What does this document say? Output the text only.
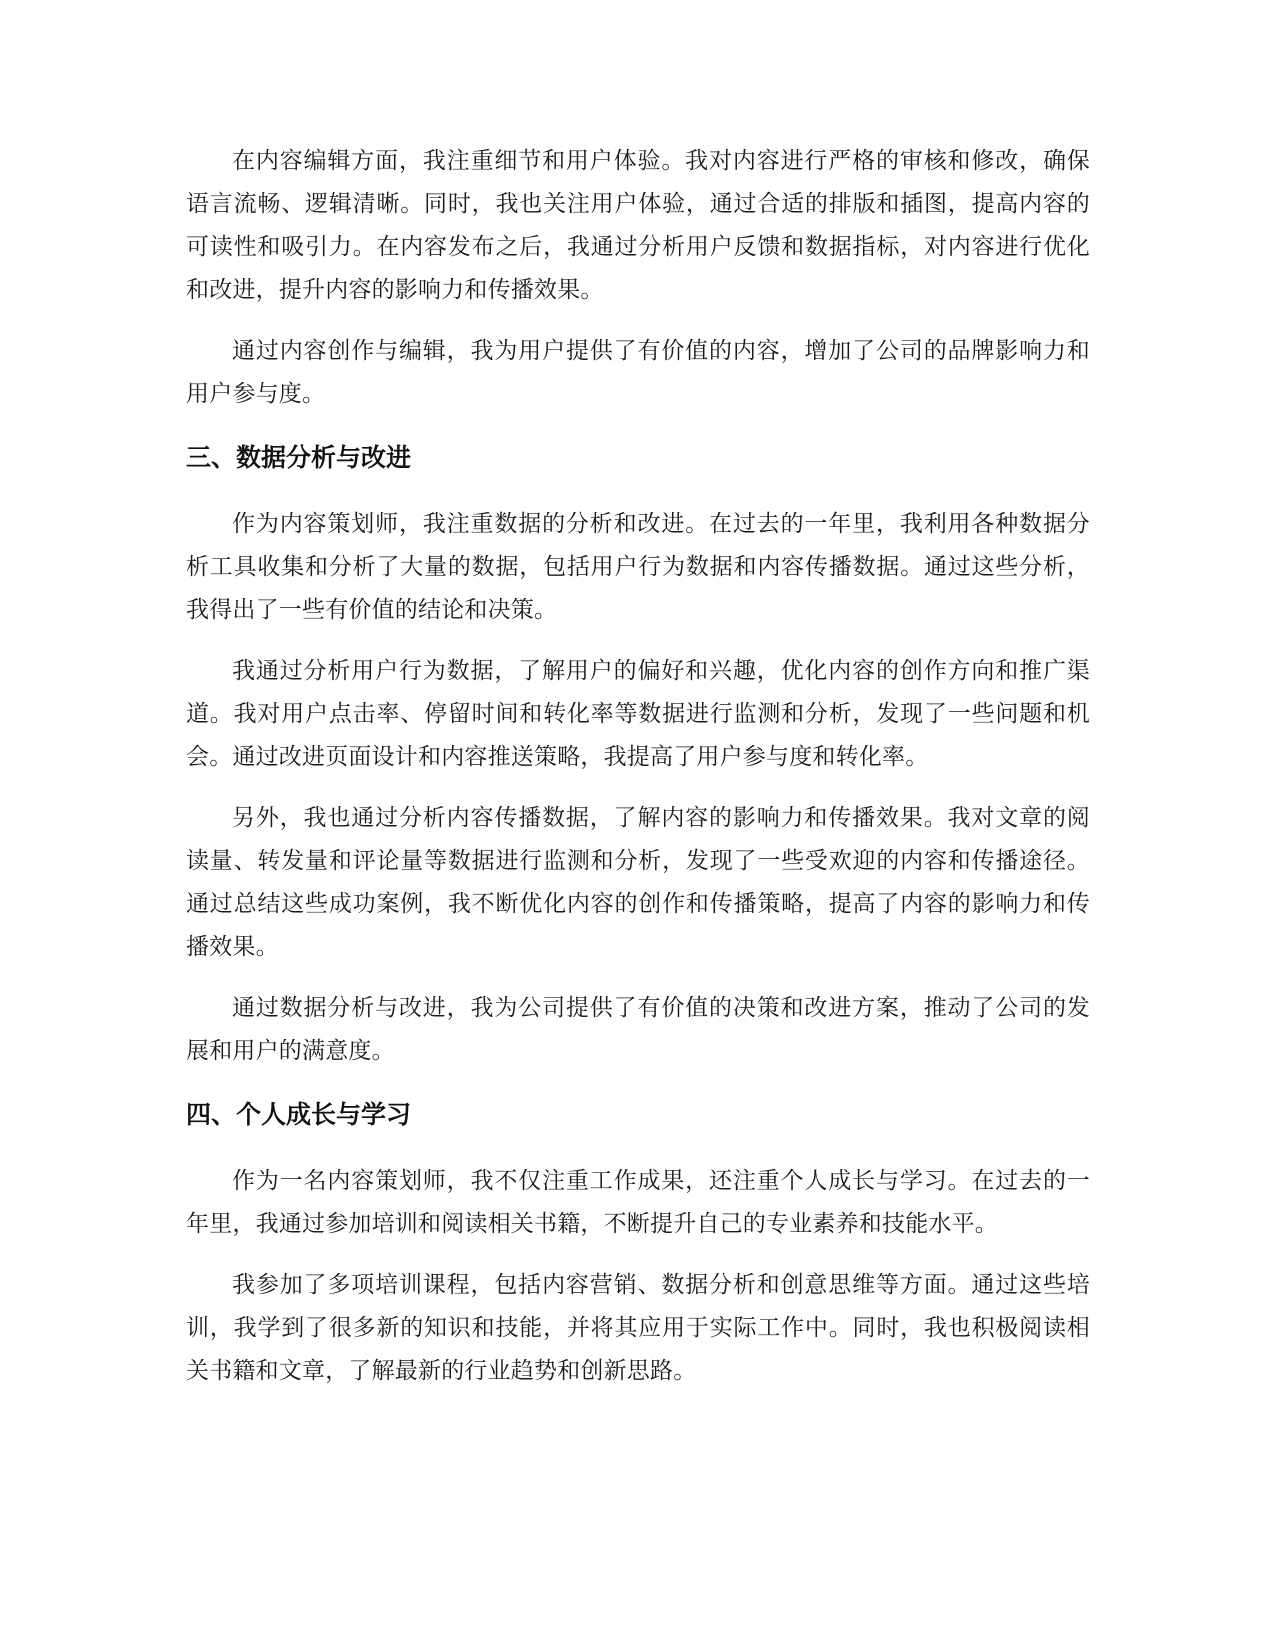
在内容编辑方面，我注重细节和用户体验。我对内容进行严格的审核和修改，确保语言流畅、逻辑清晰。同时，我也关注用户体验，通过合适的排版和插图，提高内容的可读性和吸引力。在内容发布之后，我通过分析用户反馈和数据指标，对内容进行优化和改进，提升内容的影响力和传播效果。

通过内容创作与编辑，我为用户提供了有价值的内容，增加了公司的品牌影响力和用户参与度。

三、数据分析与改进

作为内容策划师，我注重数据的分析和改进。在过去的一年里，我利用各种数据分析工具收集和分析了大量的数据，包括用户行为数据和内容传播数据。通过这些分析，我得出了一些有价值的结论和决策。

我通过分析用户行为数据，了解用户的偏好和兴趣，优化内容的创作方向和推广渠道。我对用户点击率、停留时间和转化率等数据进行监测和分析，发现了一些问题和机会。通过改进页面设计和内容推送策略，我提高了用户参与度和转化率。

另外，我也通过分析内容传播数据，了解内容的影响力和传播效果。我对文章的阅读量、转发量和评论量等数据进行监测和分析，发现了一些受欢迎的内容和传播途径。通过总结这些成功案例，我不断优化内容的创作和传播策略，提高了内容的影响力和传播效果。

通过数据分析与改进，我为公司提供了有价值的决策和改进方案，推动了公司的发展和用户的满意度。

四、个人成长与学习

作为一名内容策划师，我不仅注重工作成果，还注重个人成长与学习。在过去的一年里，我通过参加培训和阅读相关书籍，不断提升自己的专业素养和技能水平。

我参加了多项培训课程，包括内容营销、数据分析和创意思维等方面。通过这些培训，我学到了很多新的知识和技能，并将其应用于实际工作中。同时，我也积极阅读相关书籍和文章，了解最新的行业趋势和创新思路。
